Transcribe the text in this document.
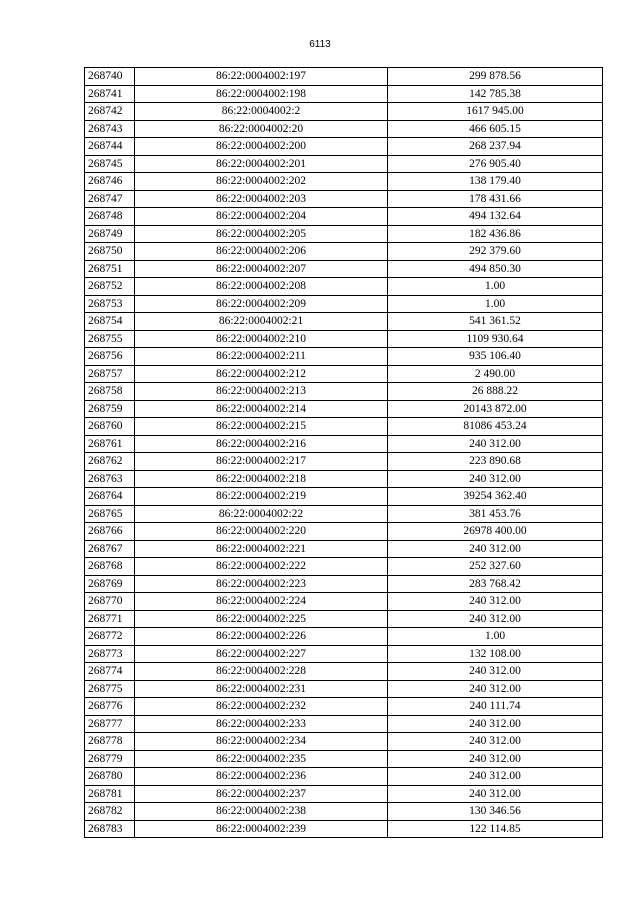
6113
268740	86:22:0004002:197	299 878.56
268741	86:22:0004002:198	142 785.38
268742	86:22:0004002:2	1617 945.00
268743	86:22:0004002:20	466 605.15
268744	86:22:0004002:200	268 237.94
268745	86:22:0004002:201	276 905.40
268746	86:22:0004002:202	138 179.40
268747	86:22:0004002:203	178 431.66
268748	86:22:0004002:204	494 132.64
268749	86:22:0004002:205	182 436.86
268750	86:22:0004002:206	292 379.60
268751	86:22:0004002:207	494 850.30
268752	86:22:0004002:208	1.00
268753	86:22:0004002:209	1.00
268754	86:22:0004002:21	541 361.52
268755	86:22:0004002:210	1109 930.64
268756	86:22:0004002:211	935 106.40
268757	86:22:0004002:212	2 490.00
268758	86:22:0004002:213	26 888.22
268759	86:22:0004002:214	20143 872.00
268760	86:22:0004002:215	81086 453.24
268761	86:22:0004002:216	240 312.00
268762	86:22:0004002:217	223 890.68
268763	86:22:0004002:218	240 312.00
268764	86:22:0004002:219	39254 362.40
268765	86:22:0004002:22	381 453.76
268766	86:22:0004002:220	26978 400.00
268767	86:22:0004002:221	240 312.00
268768	86:22:0004002:222	252 327.60
268769	86:22:0004002:223	283 768.42
268770	86:22:0004002:224	240 312.00
268771	86:22:0004002:225	240 312.00
268772	86:22:0004002:226	1.00
268773	86:22:0004002:227	132 108.00
268774	86:22:0004002:228	240 312.00
268775	86:22:0004002:231	240 312.00
268776	86:22:0004002:232	240 111.74
268777	86:22:0004002:233	240 312.00
268778	86:22:0004002:234	240 312.00
268779	86:22:0004002:235	240 312.00
268780	86:22:0004002:236	240 312.00
268781	86:22:0004002:237	240 312.00
268782	86:22:0004002:238	130 346.56
268783	86:22:0004002:239	122 114.85
